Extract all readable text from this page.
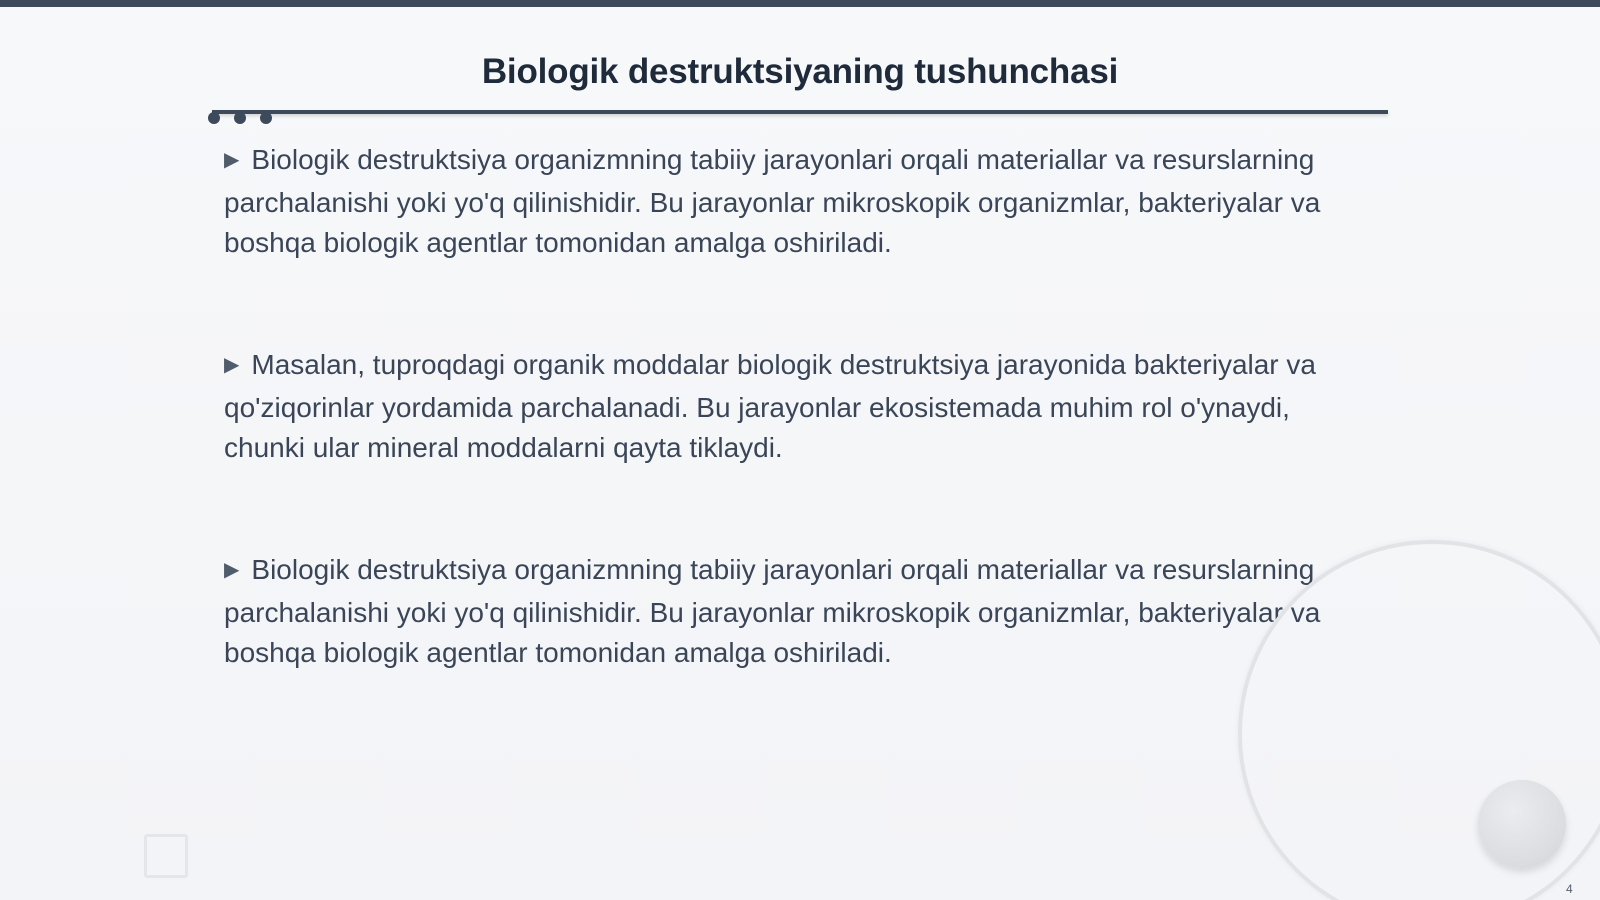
Biologik destruktsiyaning tushunchasi

▶ Biologik destruktsiya organizmning tabiiy jarayonlari orqali materiallar va resurslarning parchalanishi yoki yo'q qilinishidir. Bu jarayonlar mikroskopik organizmlar, bakteriyalar va boshqa biologik agentlar tomonidan amalga oshiriladi.

▶ Masalan, tuproqdagi organik moddalar biologik destruktsiya jarayonida bakteriyalar va qo'ziqorinlar yordamida parchalanadi. Bu jarayonlar ekosistemada muhim rol o'ynaydi, chunki ular mineral moddalarni qayta tiklaydi.

▶ Biologik destruktsiya organizmning tabiiy jarayonlari orqali materiallar va resurslarning parchalanishi yoki yo'q qilinishidir. Bu jarayonlar mikroskopik organizmlar, bakteriyalar va boshqa biologik agentlar tomonidan amalga oshiriladi.

4
